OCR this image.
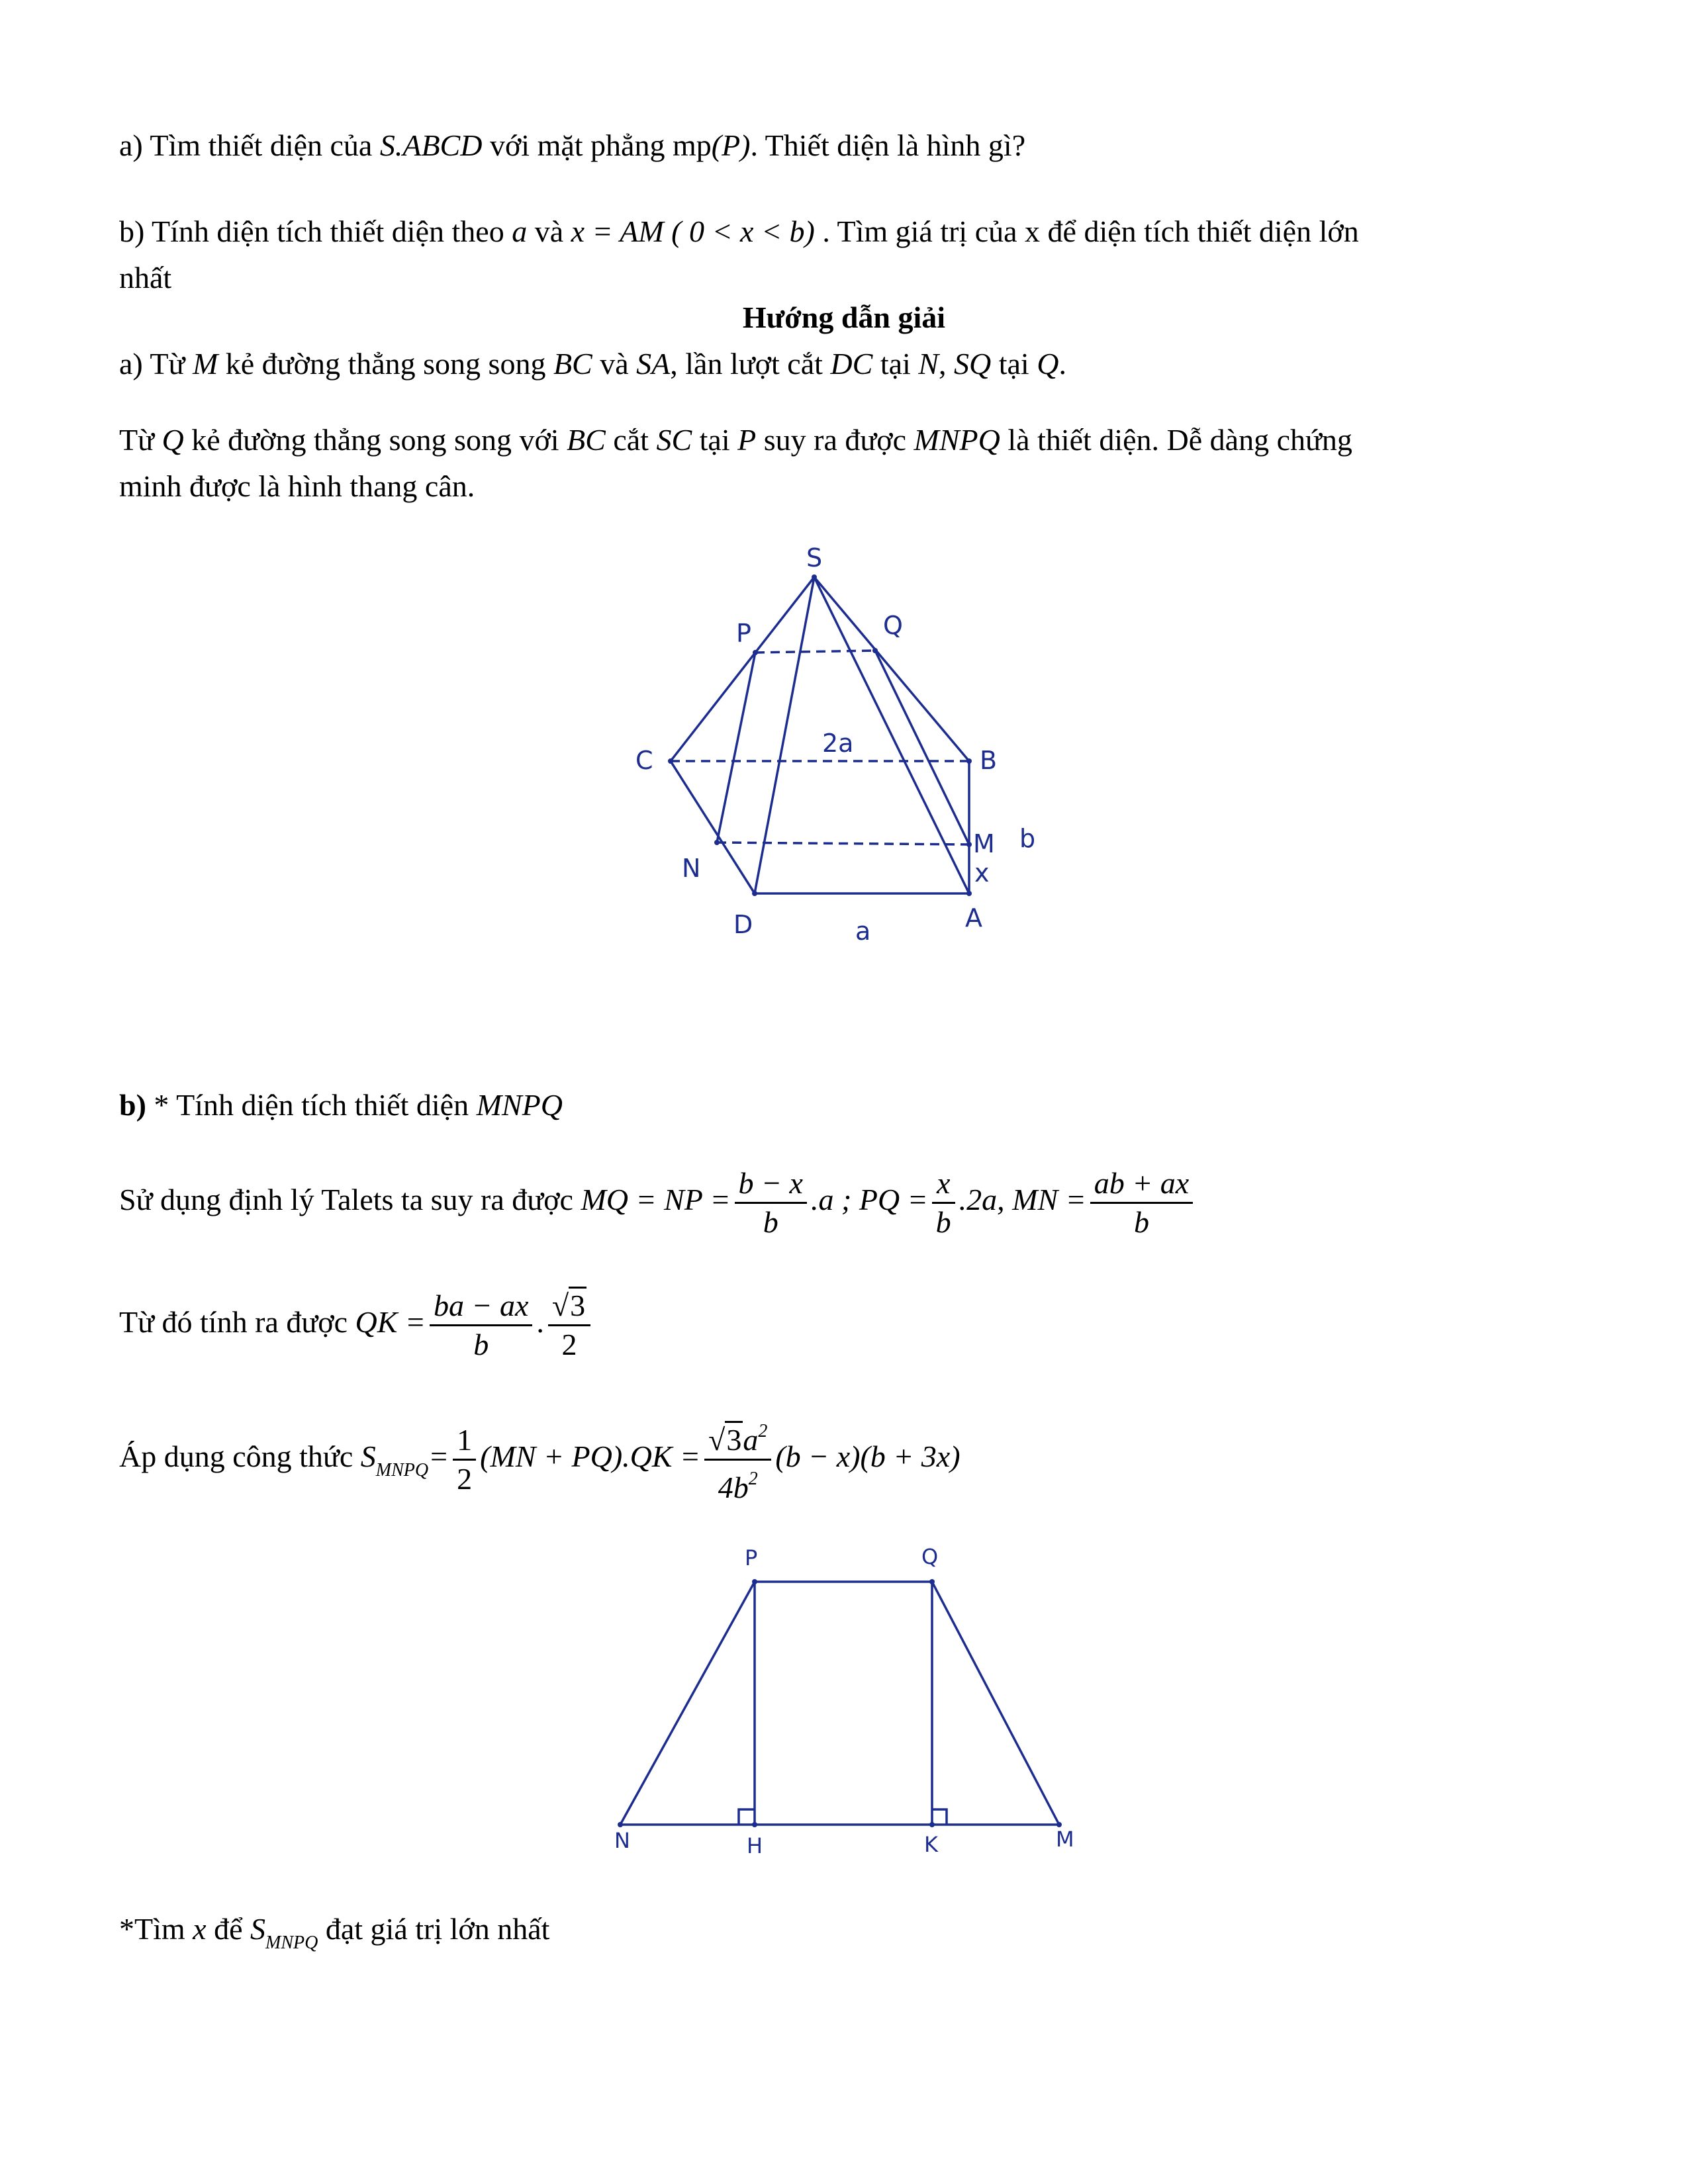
a) Tìm thiết diện của S.ABCD với mặt phẳng mp(P). Thiết diện là hình gì?
b) Tính diện tích thiết diện theo a và x = AM ( 0 < x < b) . Tìm giá trị của x để diện tích thiết diện lớn
nhất
Hướng dẫn giải
a) Từ M kẻ đường thẳng song song BC và SA, lần lượt cắt DC tại N, SQ tại Q.
Từ Q kẻ đường thẳng song song với BC cắt SC tại P suy ra được MNPQ là thiết diện. Dễ dàng chứng
minh được là hình thang cân.
S
P	Q
C	B
2a
M b
N	x
D	A
a
b) * Tính diện tích thiết diện MNPQ
Sử dụng định lý Talets ta suy ra được MQ = NP = $\frac{b - x}{b} .a$ ; PQ = $\frac{x}{b} .2a$, MN = $\frac{ab + ax}{b}$
Từ đó tính ra được QK = $\frac{ba - ax}{b}$ . $\frac{√3}{2}$
Áp dụng công thức $S_{MNPQ}= \frac{1}{2} (MN + PQ).QK = \frac{√3a^2}{4b^2} (b - x)(b + 3x)$
P	Q
N	H	K	M
*Tìm x để $S_{MNPQ}$ đạt giá trị lớn nhất
